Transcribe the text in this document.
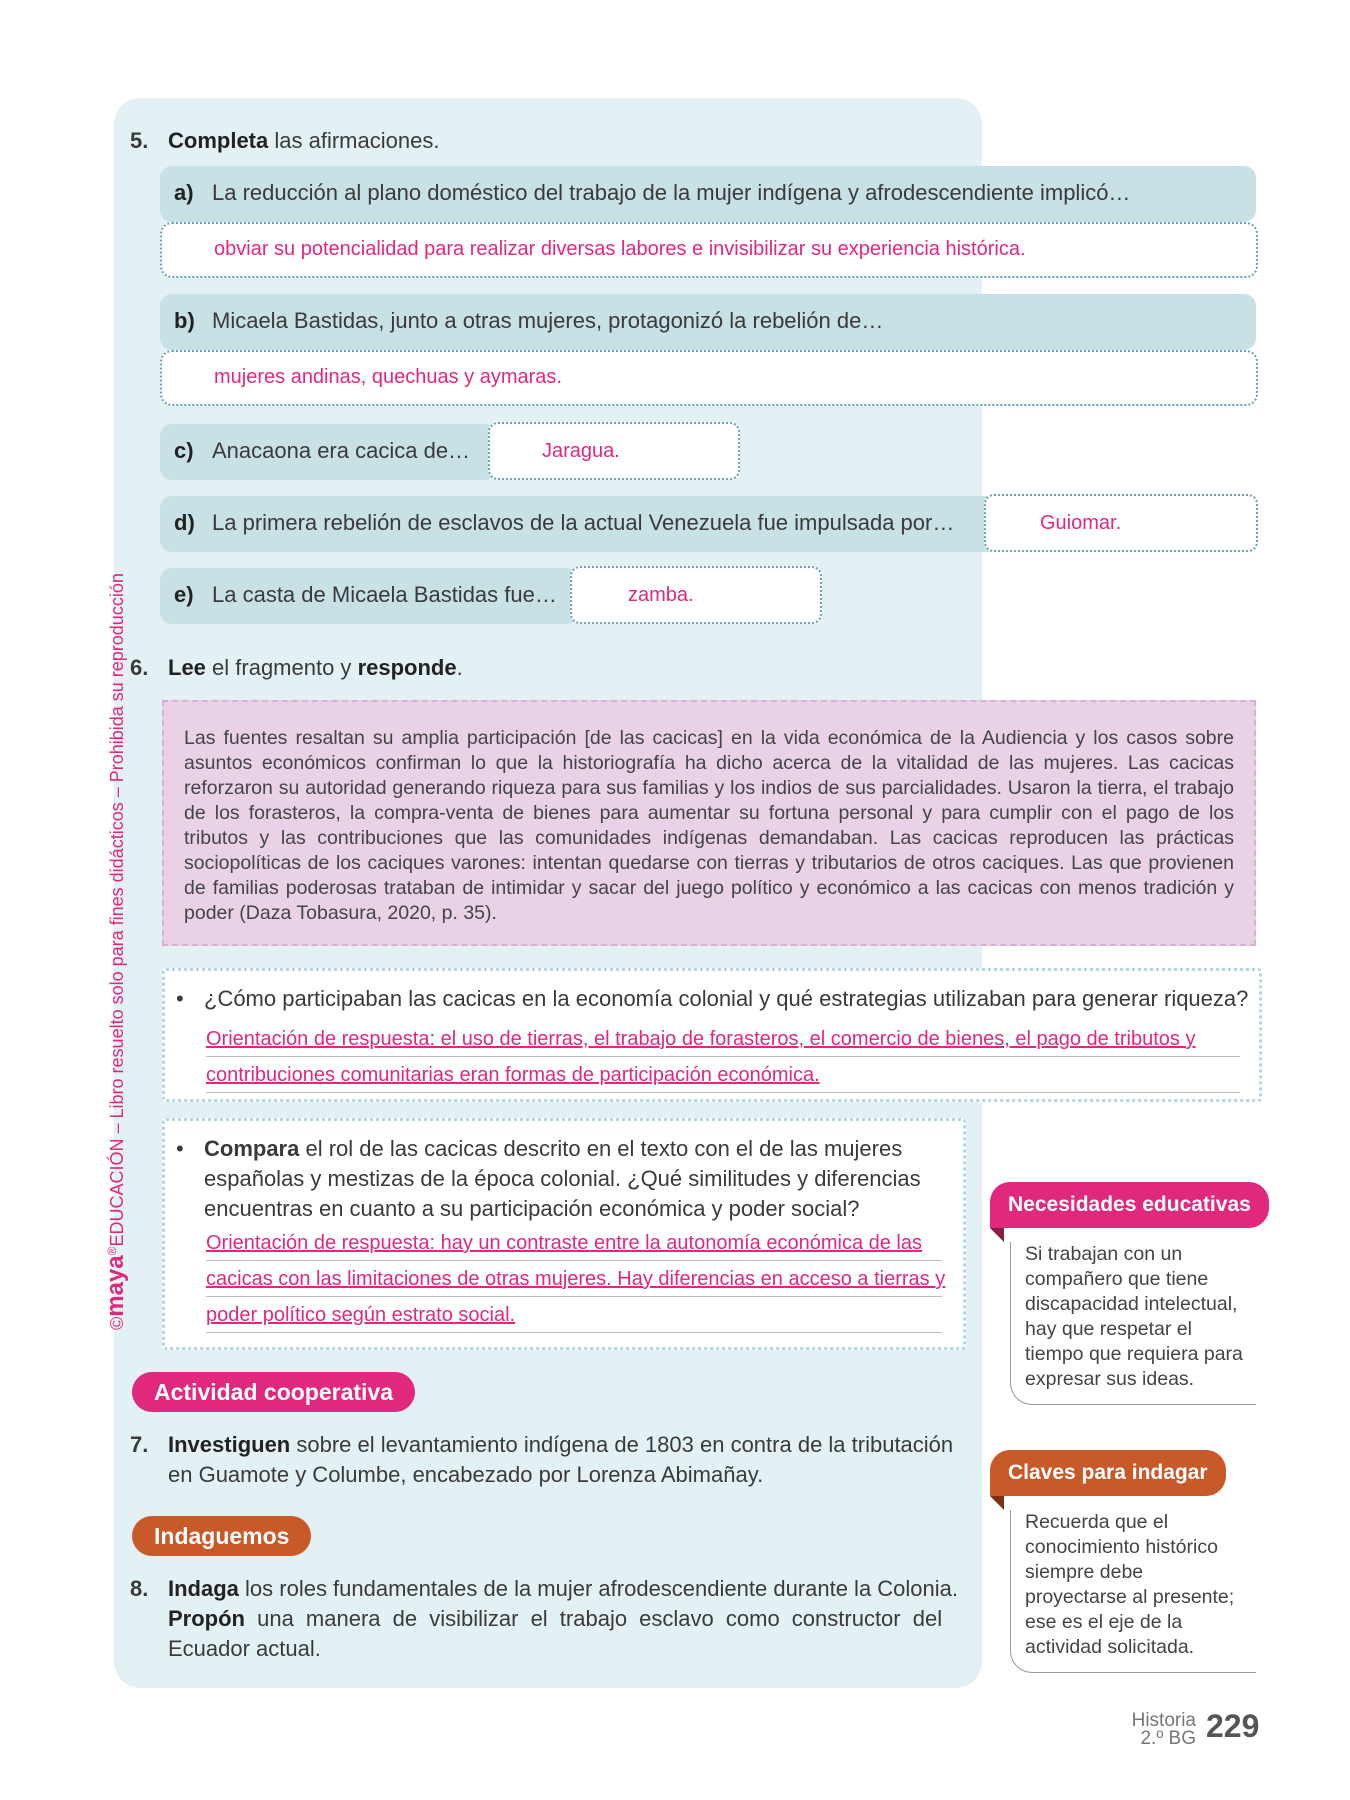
©maya®EDUCACIÓN – Libro resuelto solo para fines didácticos – Prohibida su reproducción
5. Completa las afirmaciones.
a) La reducción al plano doméstico del trabajo de la mujer indígena y afrodescendiente implicó…
obviar su potencialidad para realizar diversas labores e invisibilizar su experiencia histórica.
b) Micaela Bastidas, junto a otras mujeres, protagonizó la rebelión de…
mujeres andinas, quechuas y aymaras.
c) Anacaona era cacica de…	Jaragua.
d) La primera rebelión de esclavos de la actual Venezuela fue impulsada por…	Guiomar.
e) La casta de Micaela Bastidas fue…	zamba.
6. Lee el fragmento y responde.
Las fuentes resaltan su amplia participación [de las cacicas] en la vida económica de la Audiencia y los casos sobre asuntos económicos confirman lo que la historiografía ha dicho acerca de la vitalidad de las mujeres. Las cacicas reforzaron su autoridad generando riqueza para sus familias y los indios de sus parcialidades. Usaron la tierra, el trabajo de los forasteros, la compra-venta de bienes para aumentar su fortuna personal y para cumplir con el pago de los tributos y las contribuciones que las comunidades indígenas demandaban. Las cacicas reproducen las prácticas sociopolíticas de los caciques varones: intentan quedarse con tierras y tributarios de otros caciques. Las que provienen de familias poderosas trataban de intimidar y sacar del juego político y económico a las cacicas con menos tradición y poder (Daza Tobasura, 2020, p. 35).
• ¿Cómo participaban las cacicas en la economía colonial y qué estrategias utilizaban para generar riqueza?
Orientación de respuesta: el uso de tierras, el trabajo de forasteros, el comercio de bienes, el pago de tributos y
contribuciones comunitarias eran formas de participación económica.
• Compara el rol de las cacicas descrito en el texto con el de las mujeres
españolas y mestizas de la época colonial. ¿Qué similitudes y diferencias
encuentras en cuanto a su participación económica y poder social?
Orientación de respuesta: hay un contraste entre la autonomía económica de las
cacicas con las limitaciones de otras mujeres. Hay diferencias en acceso a tierras y
poder político según estrato social.
Actividad cooperativa
7. Investiguen sobre el levantamiento indígena de 1803 en contra de la tributación
en Guamote y Columbe, encabezado por Lorenza Abimañay.
Indaguemos
8. Indaga los roles fundamentales de la mujer afrodescendiente durante la Colonia.
Propón una manera de visibilizar el trabajo esclavo como constructor del
Ecuador actual.
Necesidades educativas
Si trabajan con un compañero que tiene discapacidad intelectual, hay que respetar el tiempo que requiera para expresar sus ideas.
Claves para indagar
Recuerda que el conocimiento histórico siempre debe proyectarse al presente; ese es el eje de la actividad solicitada.
Historia
2.º BG 229
